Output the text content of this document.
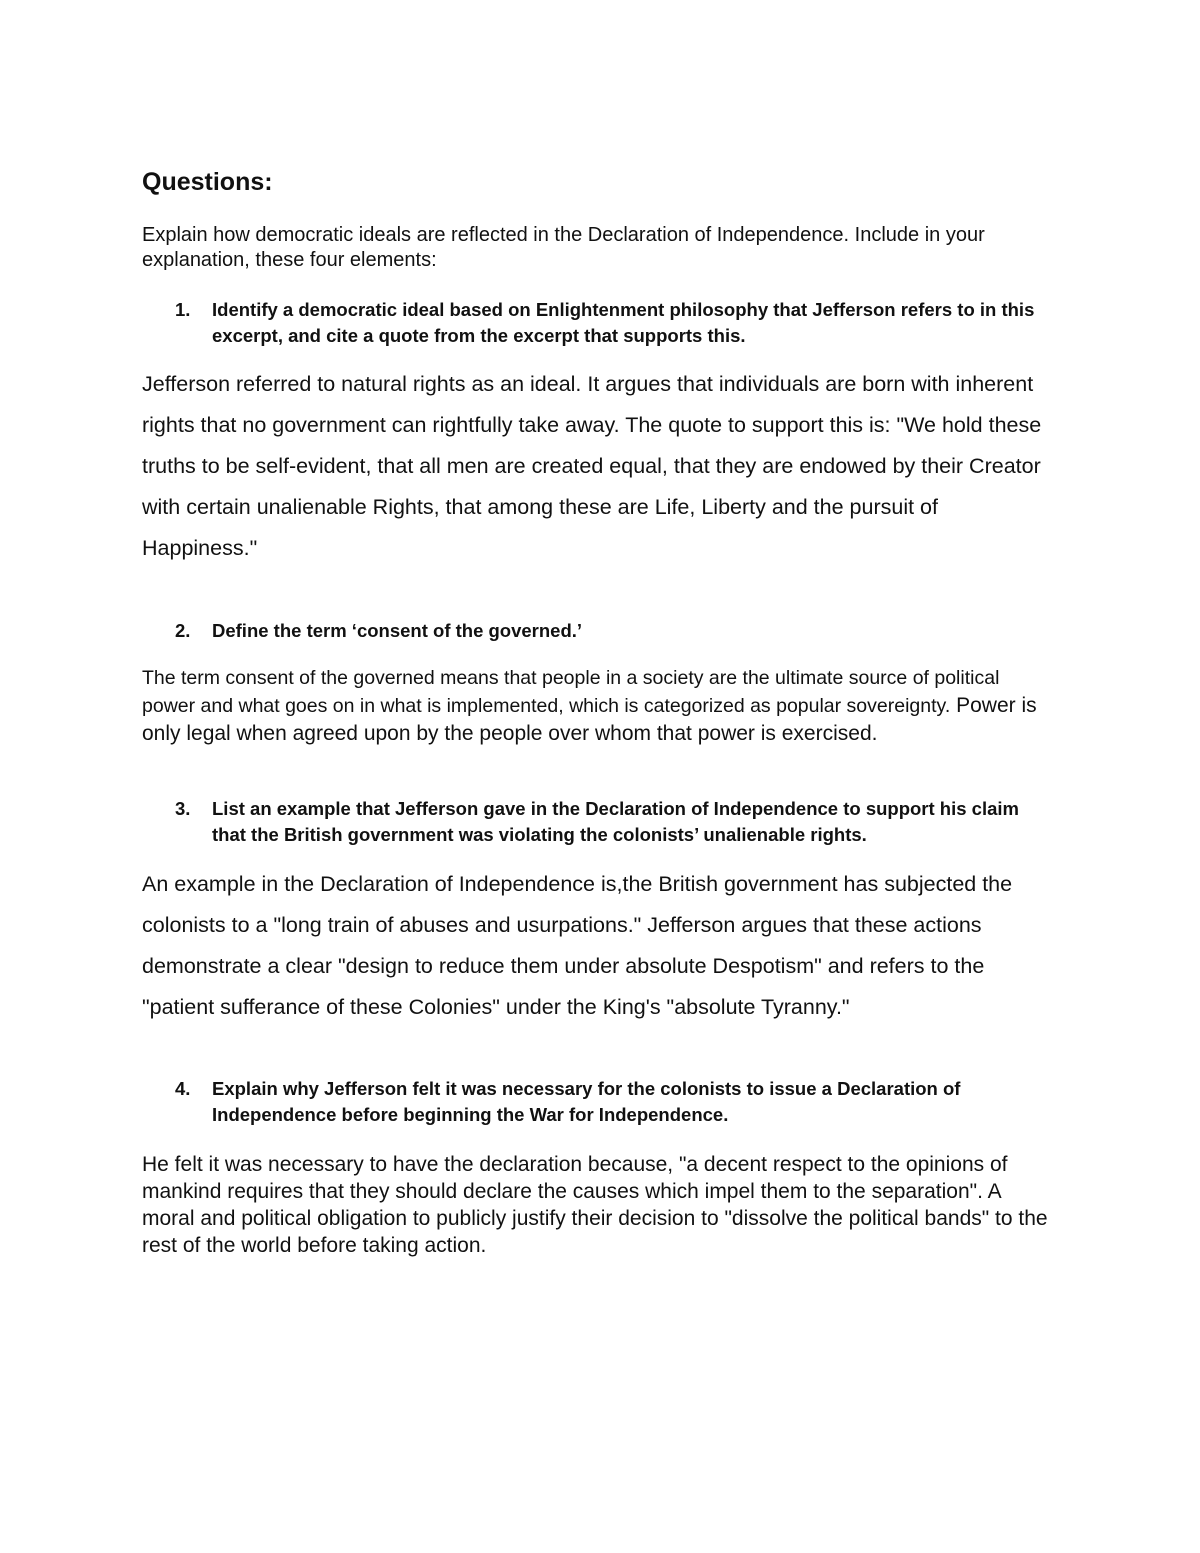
Questions:
Explain how democratic ideals are reflected in the Declaration of Independence. Include in your explanation, these four elements:
1. Identify a democratic ideal based on Enlightenment philosophy that Jefferson refers to in this excerpt, and cite a quote from the excerpt that supports this.
Jefferson referred to natural rights as an ideal. It argues that individuals are born with inherent rights that no government can rightfully take away. The quote to support this is: "We hold these truths to be self-evident, that all men are created equal, that they are endowed by their Creator with certain unalienable Rights, that among these are Life, Liberty and the pursuit of Happiness."
2. Define the term ‘consent of the governed.’
The term consent of the governed means that people in a society are the ultimate source of political power and what goes on in what is implemented, which is categorized as popular sovereignty. Power is only legal when agreed upon by the people over whom that power is exercised.
3. List an example that Jefferson gave in the Declaration of Independence to support his claim that the British government was violating the colonists’ unalienable rights.
An example in the Declaration of Independence is,the British government has subjected the colonists to a "long train of abuses and usurpations." Jefferson argues that these actions demonstrate a clear "design to reduce them under absolute Despotism" and refers to the "patient sufferance of these Colonies" under the King's "absolute Tyranny."
4. Explain why Jefferson felt it was necessary for the colonists to issue a Declaration of Independence before beginning the War for Independence.
He felt it was necessary to have the declaration because, "a decent respect to the opinions of mankind requires that they should declare the causes which impel them to the separation". A moral and political obligation to publicly justify their decision to "dissolve the political bands" to the rest of the world before taking action.
